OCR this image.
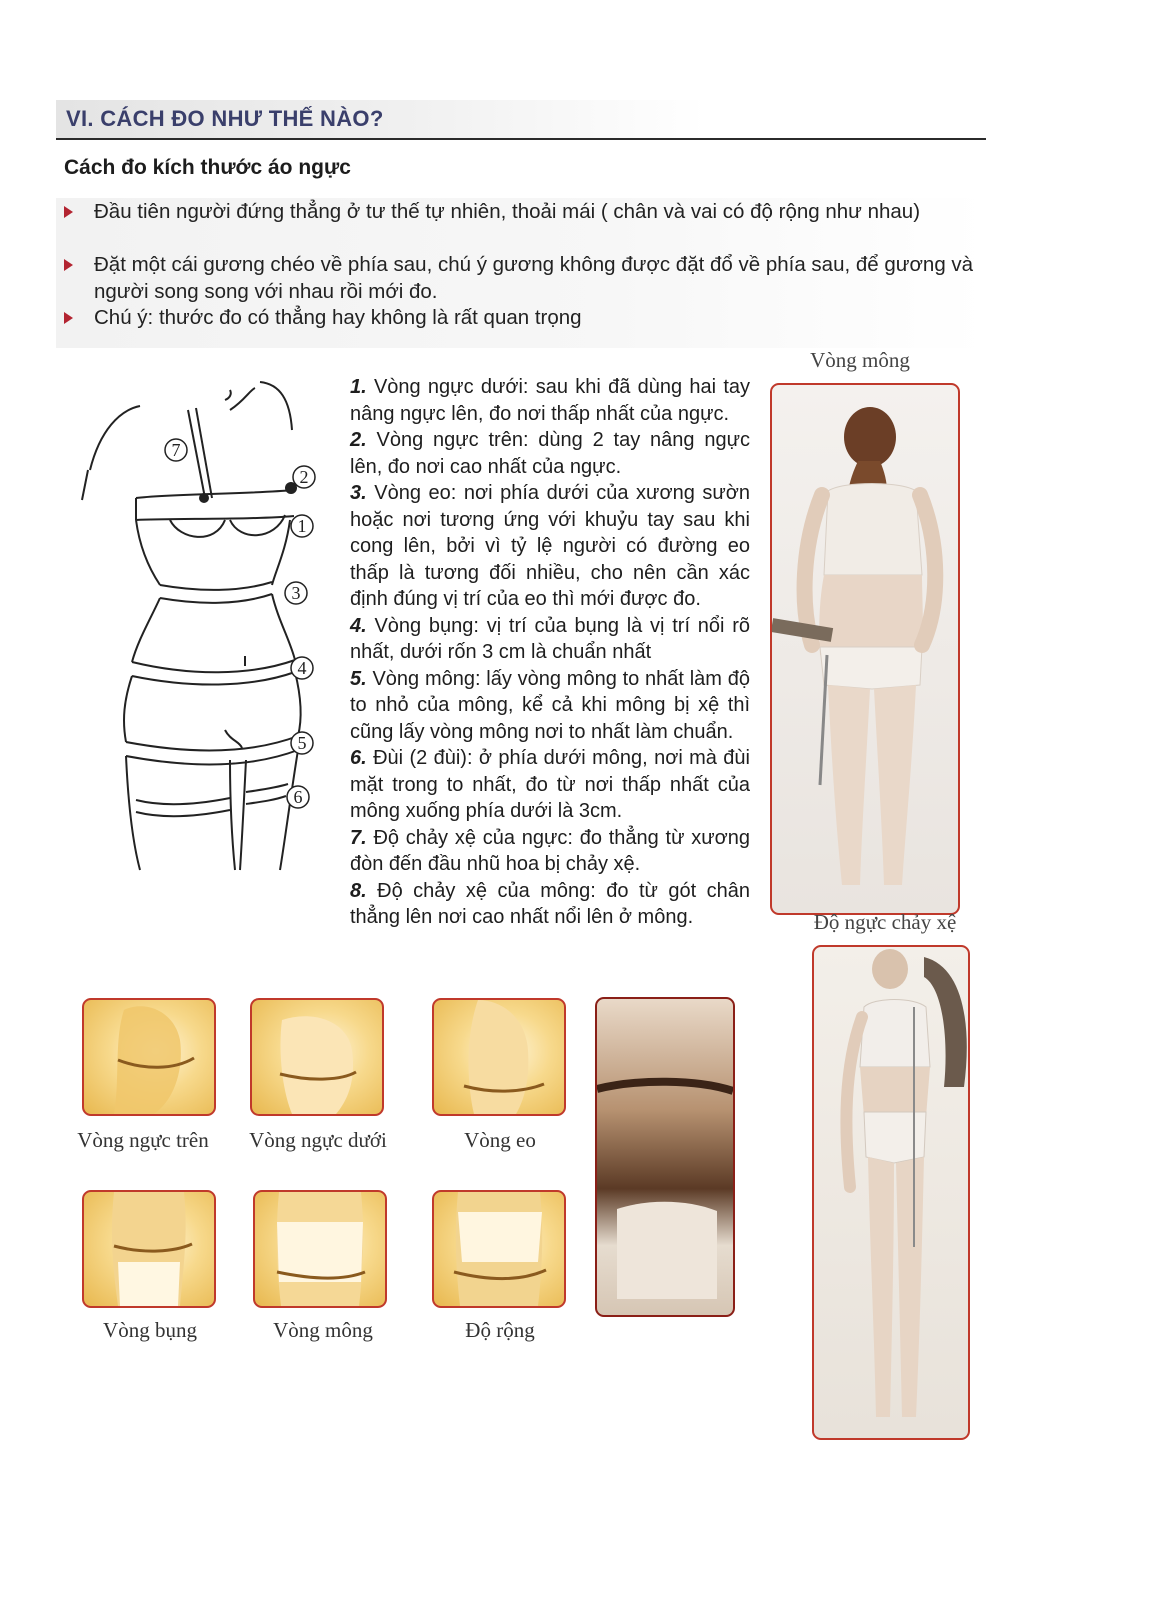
VI. CÁCH ĐO NHƯ THẾ NÀO?
Cách đo kích thước áo ngực
Đầu tiên người đứng thẳng ở tư thế tự nhiên, thoải mái ( chân và vai có độ rộng như nhau)
Đặt một cái gương chéo về phía sau, chú ý gương không được đặt đổ về phía sau, để gương và người song song với nhau rồi mới đo.
Chú ý: thước đo có thẳng hay không là rất quan trọng
7
2
1
3
4
5
6

1. Vòng ngực dưới: sau khi đã dùng hai tay nâng ngực lên, đo nơi thấp nhất của ngực.

2. Vòng ngực trên: dùng 2 tay nâng ngực lên, đo nơi cao nhất của ngực.

3. Vòng eo: nơi phía dưới của xương sườn hoặc nơi tương ứng với khuỷu tay sau khi cong lên, bởi vì tỷ lệ người có đường eo thấp là tương đối nhiều, cho nên cần xác định đúng vị trí của eo thì mới được đo.

4. Vòng bụng: vị trí của bụng là vị trí nổi rõ nhất, dưới rốn 3 cm là chuẩn nhất

5. Vòng mông: lấy vòng mông to nhất làm độ to nhỏ của mông, kể cả khi mông bị xệ thì cũng lấy vòng mông nơi to nhất làm chuẩn.

6. Đùi (2 đùi): ở phía dưới mông, nơi mà đùi mặt trong to nhất, đo từ nơi thấp nhất của mông xuống phía dưới là 3cm.

7. Độ chảy xệ của ngực: đo thẳng từ xương đòn đến đầu nhũ hoa bị chảy xệ.

8. Độ chảy xệ của mông: đo từ gót chân thẳng lên nơi cao nhất nổi lên ở mông.

Vòng mông
Độ ngực chảy xệ
Vòng ngực trên	Vòng ngực dưới	Vòng eo
Vòng bụng	Vòng mông	Độ rộng
